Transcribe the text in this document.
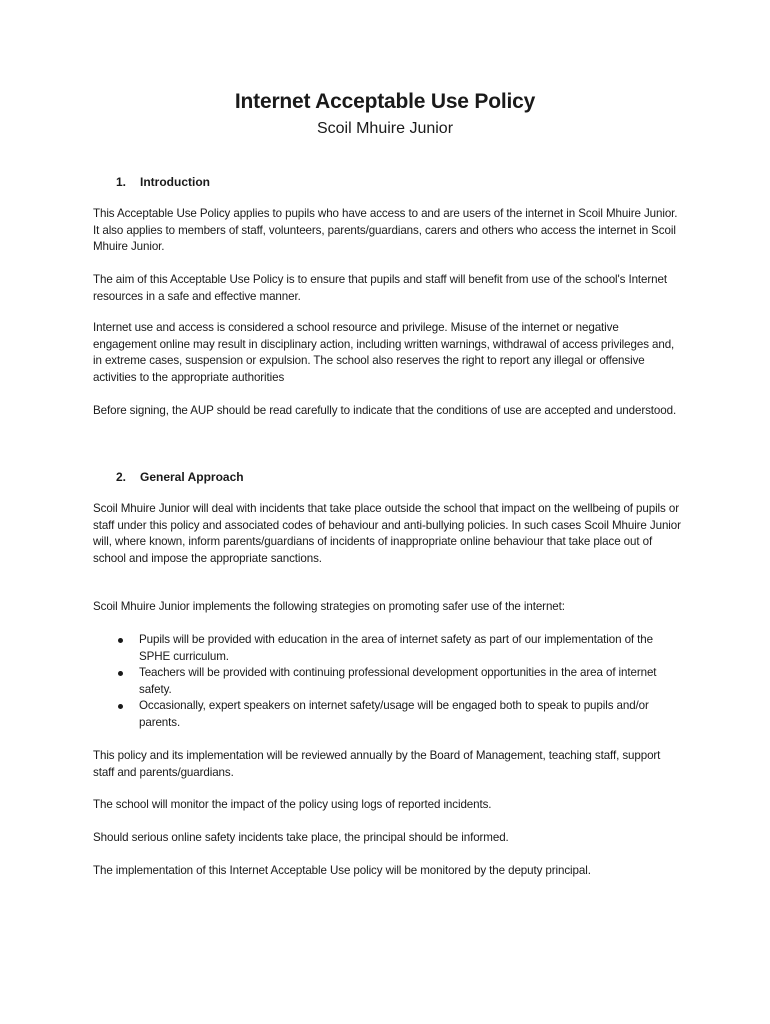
Internet Acceptable Use Policy
Scoil Mhuire Junior
1. Introduction
This Acceptable Use Policy applies to pupils who have access to and are users of the internet in Scoil Mhuire Junior. It also applies to members of staff, volunteers, parents/guardians, carers and others who access the internet in Scoil Mhuire Junior.
The aim of this Acceptable Use Policy is to ensure that pupils and staff will benefit from use of the school's Internet resources in a safe and effective manner.
Internet use and access is considered a school resource and privilege. Misuse of the internet or negative engagement online may result in disciplinary action, including written warnings, withdrawal of access privileges and, in extreme cases, suspension or expulsion. The school also reserves the right to report any illegal or offensive activities to the appropriate authorities
Before signing, the AUP should be read carefully to indicate that the conditions of use are accepted and understood.
2. General Approach
Scoil Mhuire Junior will deal with incidents that take place outside the school that impact on the wellbeing of pupils or staff under this policy and associated codes of behaviour and anti-bullying policies. In such cases Scoil Mhuire Junior will, where known, inform parents/guardians of incidents of inappropriate online behaviour that take place out of school and impose the appropriate sanctions.
Scoil Mhuire Junior implements the following strategies on promoting safer use of the internet:
Pupils will be provided with education in the area of internet safety as part of our implementation of the SPHE curriculum.
Teachers will be provided with continuing professional development opportunities in the area of internet safety.
Occasionally, expert speakers on internet safety/usage will be engaged both to speak to pupils and/or parents.
This policy and its implementation will be reviewed annually by the Board of Management, teaching staff, support staff and parents/guardians.
The school will monitor the impact of the policy using logs of reported incidents.
Should serious online safety incidents take place, the principal should be informed.
The implementation of this Internet Acceptable Use policy will be monitored by the deputy principal.
